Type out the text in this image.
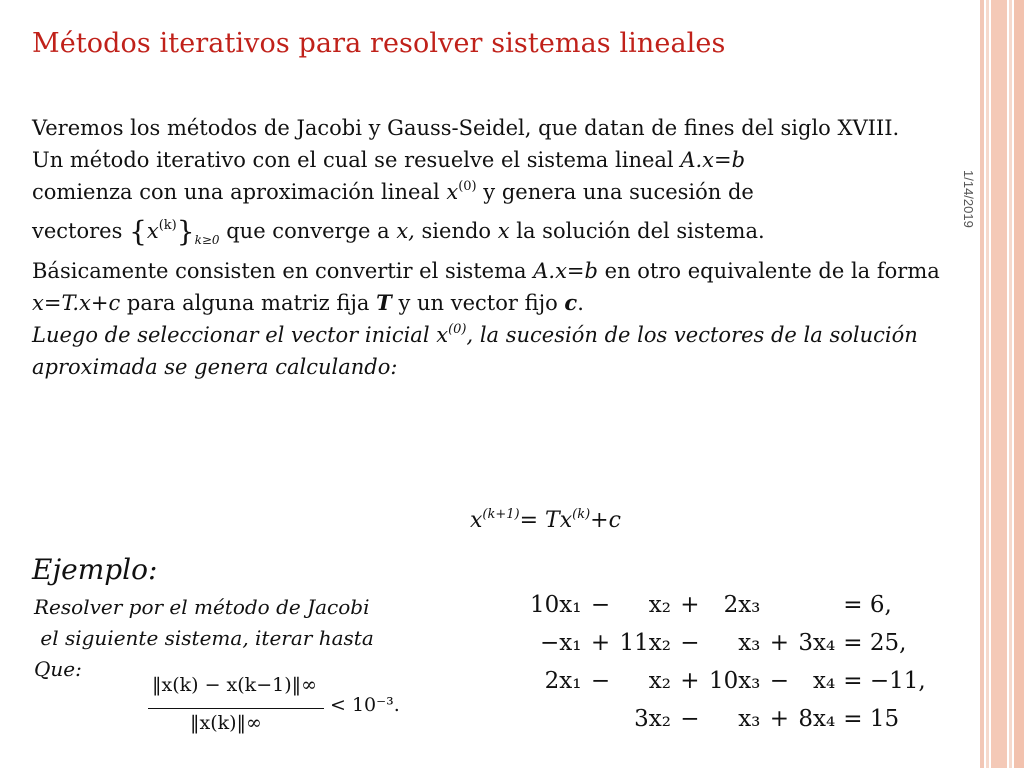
1/14/2019
Métodos iterativos para resolver sistemas lineales
Veremos los métodos de Jacobi y Gauss-Seidel, que datan de fines del siglo XVIII.
Un método iterativo con el cual se resuelve el sistema lineal A.x=b
comienza con una aproximación lineal $x^{(0)}$ y genera una sucesión de
vectores $\{x^{(k)}\}_{k\ge 0}$ que converge a x, siendo x la solución del sistema.
Básicamente consisten en convertir el sistema A.x=b en otro equivalente de la forma x=T.x+c para alguna matriz fija T y un vector fijo c.
Luego de seleccionar el vector inicial $x^{(0)}$, la sucesión de los vectores de la solución aproximada se genera calculando:
$x^{(k+1)}= Tx^{(k)}+c$
Ejemplo:
Resolver por el método de Jacobi
el siguiente sistema, iterar hasta
Que:
‖x(k) − x(k−1)‖∞
‖x(k)‖∞
< 10⁻³.
10x₁	−	x₂	+	2x₃			= 6,
−x₁	+	11x₂	−	x₃	+	3x₄	= 25,
2x₁	−	x₂	+	10x₃	−	x₄	= −11,
		3x₂	−	x₃	+	8x₄	= 15
